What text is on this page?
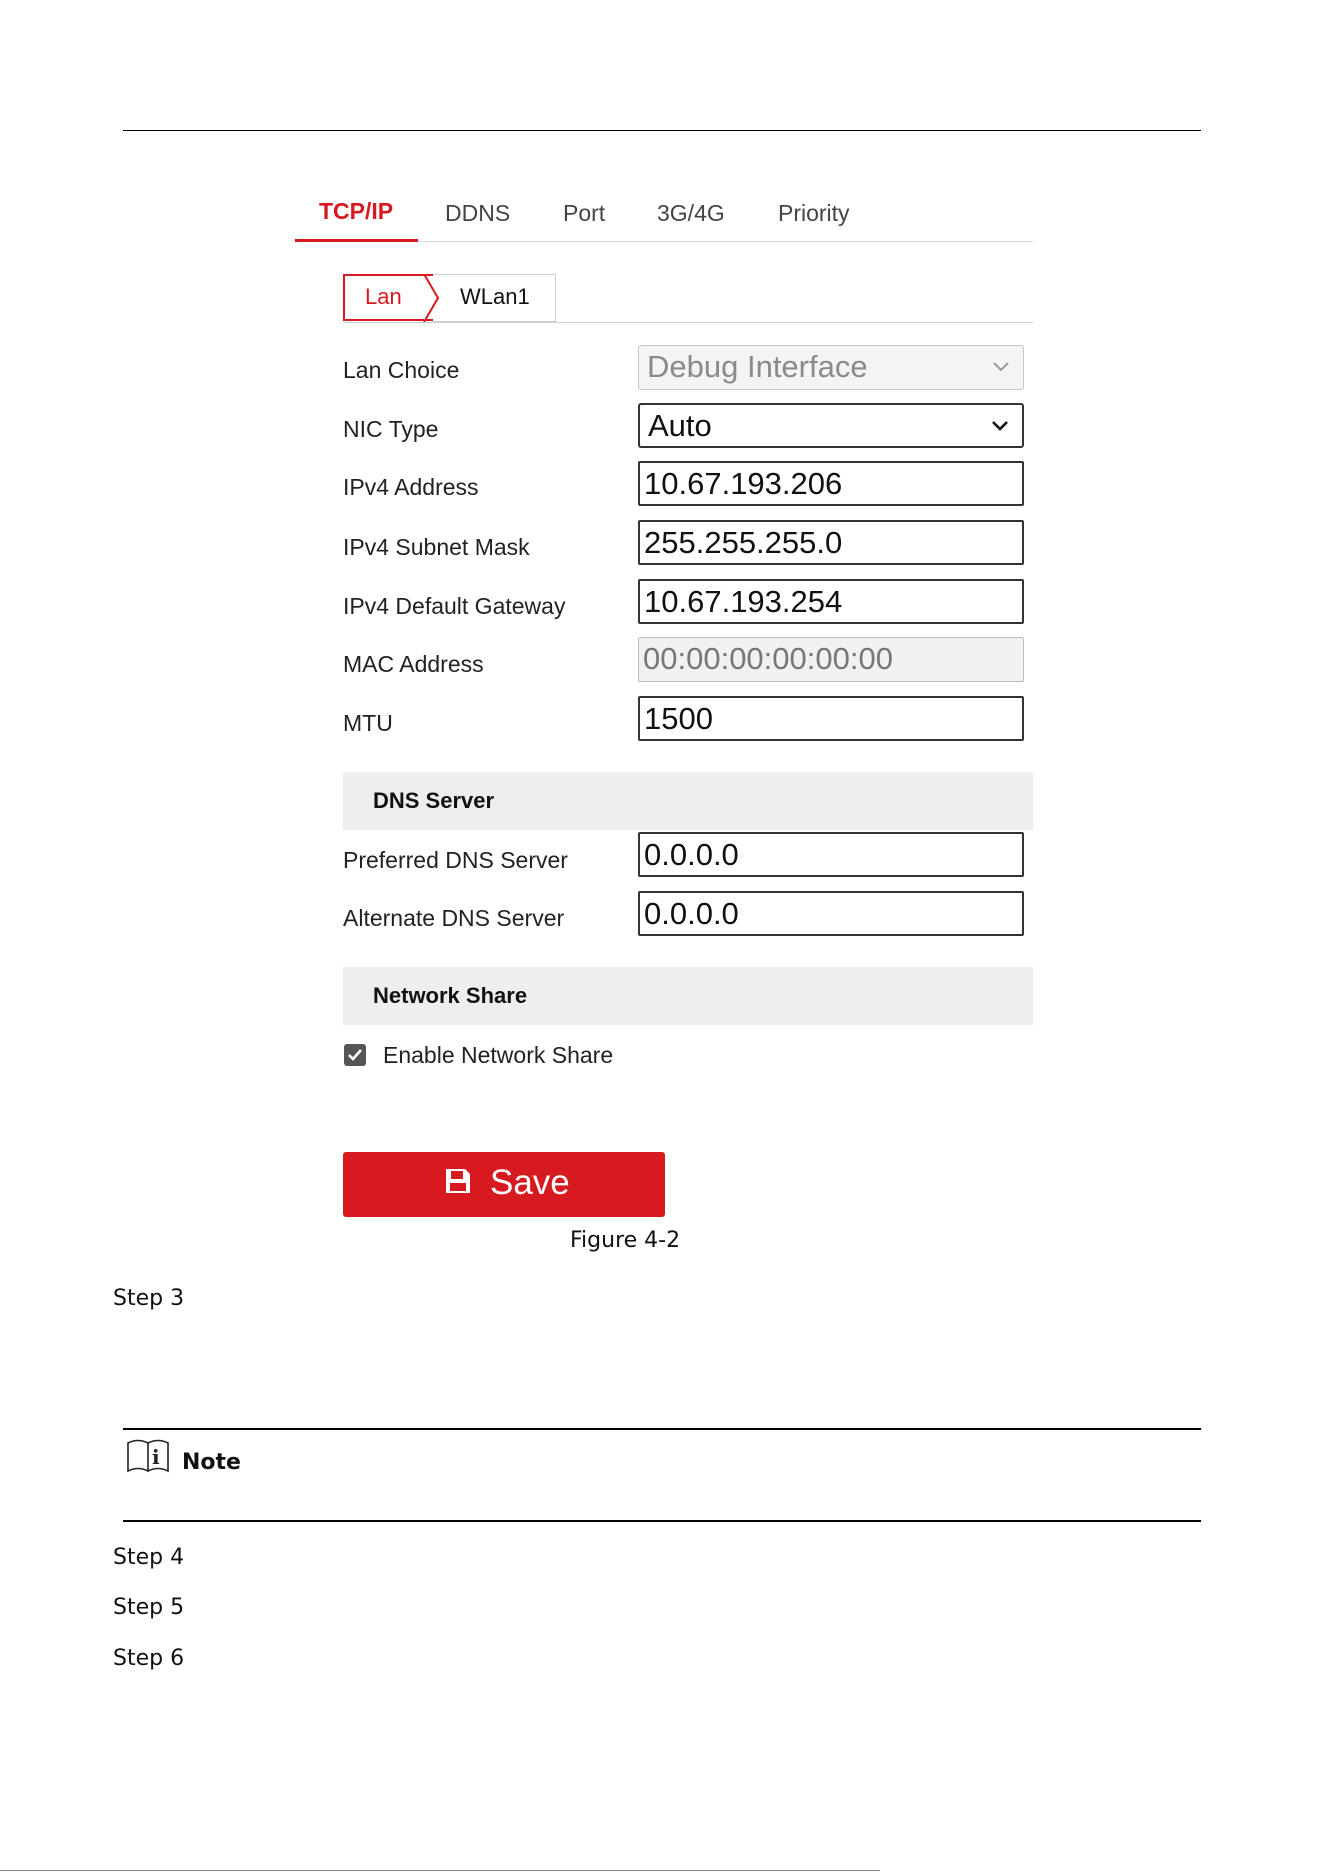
TCP/IP DDNS Port 3G/4G Priority
Lan	WLan1
Lan Choice	Debug Interface
NIC Type	Auto
IPv4 Address	10.67.193.206
IPv4 Subnet Mask	255.255.255.0
IPv4 Default Gateway	10.67.193.254
MAC Address	00:00:00:00:00:00
MTU	1500
DNS Server
Preferred DNS Server 0.0.0.0
Alternate DNS Server	0.0.0.0
Network Share
Enable Network Share
Save
Figure 4-2
Step 3
i Note
Step 4
Step 5
Step 6
